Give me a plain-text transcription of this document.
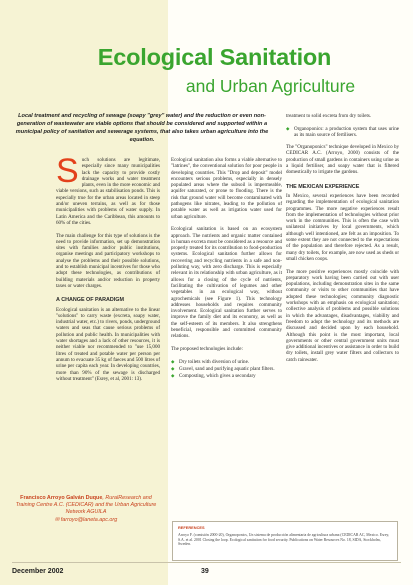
Ecological Sanitation
and Urban Agriculture
Local treatment and recycling of sewage (soapy "grey" water) and the reduction or even non-generation of wastewater are viable options that should be considered and supported within a municipal policy of sanitation and sewerage systems, that also takes urban agriculture into the equation.

Such solutions are legitimate, especially since many municipalities lack the capacity to provide costly drainage works and water treatment plants, even in the more economic and viable versions, such as stabilisation ponds. This is especially true for the urban areas located in steep and/or uneven terrains, as well as for those municipalities with problems of water supply. In Latin America and the Caribbean, this amounts to 60% of the cities.

The main challenge for this type of solutions is the need to provide information, set up demonstration sites with families and/or public institutions, organise meetings and participatory workshops to analyse the problems and their possible solutions, and to establish municipal incentives for those who adopt these technologies, as contributions of building materials and/or reduction in property taxes or water charges.

A CHANGE OF PARADIGM

Ecological sanitation is an alternative to the linear "solutions" to carry waste (excreta, soapy water, industrial water, etc.) to rivers, ponds, underground waters and seas that cause serious problems of pollution and public health. In municipalities with water shortages and a lack of other resources, it is neither viable nor recommended to "use 15,000 litres of treated and potable water per person per annum to evacuate 35 kg of faeces and 500 litres of urine per capita each year. In developing countries, more than 90% of the sewage is discharged without treatment" (Esrey, et al, 2001: 13).

Ecological sanitation also forms a viable alternative to "latrines", the conventional solution for poor people in developing countries. This "Drop and deposit" model encounters serious problems, especially in densely populated areas where the subsoil is impermeable, aquifer saturated, or prone to flooding. There is the risk that ground water will become contaminated with pathogens like nitrates, leading to the pollution of potable water as well as irrigation water used for urban agriculture.

Ecological sanitation is based on an ecosystem approach. The nutrients and organic matter contained in human excreta must be considered as a resource and properly treated for its contribution to food-production systems. Ecological sanitation further allows for recovering and recycling nutrients in a safe and non-polluting way, with zero discharge. This is especially relevant in its relationship with urban agriculture, as it allows for a closing of the cycle of nutrients, facilitating the cultivation of legumes and other vegetables in an ecological way, without agrochemicals (see Figure 1). This technology addresses households and requires community involvement. Ecological sanitation further serves to improve the family diet and its economy, as well as the self-esteem of its members. It also strengthens beneficial, responsible and committed community relations.

The proposed technologies include:

◆ Dry toilets with diversion of urine.
◆ Gravel, sand and purifying aquatic plant filters.
◆ Composting, which gives a secondary

treatment to solid excreta from dry toilets.

◆ Organoponics: a production system that uses urine as its main source of fertilisers.

The "Organoponics" technique developed in Mexico by CEDICAR A.C. (Arroyo, 2000) consists of the production of small gardens in containers using urine as a liquid fertiliser, and soapy water that is filtered domestically to irrigate the gardens.

THE MEXICAN EXPERIENCE

In Mexico, several experiences have been recorded regarding the implementation of ecological sanitation programmes. The more negative experiences result from the implementation of technologies without prior work in the communities. This is often the case with unilateral initiatives by local governments, which although well intentioned, are felt as an imposition. To some extent they are not connected to the expectations of the population and therefore rejected. As a result, many dry toilets, for example, are now used as sheds or small chicken coops.

The more positive experiences mostly coincide with preparatory work having been carried out with user populations, including demonstration sites in the same community or visits to other communities that have adopted these technologies; community diagnostic workshops with an emphasis on ecological sanitation; collective analysis of problems and possible solutions in which the advantages, disadvantages, viability and freedom to adopt the technology and its methods are discussed and decided upon by each household. Although this point is the most important, local governments or other central government units must give additional incentives or assistance in order to build dry toilets, install grey water filters and collectors to catch rainwater.

Francisco Arroyo Galván Duque, RuralResearch and Training Centre A.C. (CEDICAR) and the Urban Agriculture Network AGUILA
✉ farroyo@laneta.apc.org
REFERENCES
Arroyo F. (comisión 2000-20), Organoponics, Un sistema de producción alimentaria de agricultura urbana (CEDICAR AC, Mexico. Esrey, S.A. et al. 2001 Closing the loop. Ecological sanitation for food security. Publications on Water Resources No. 18, SIDA, Stockholm, Sweden.
December 2002	39
